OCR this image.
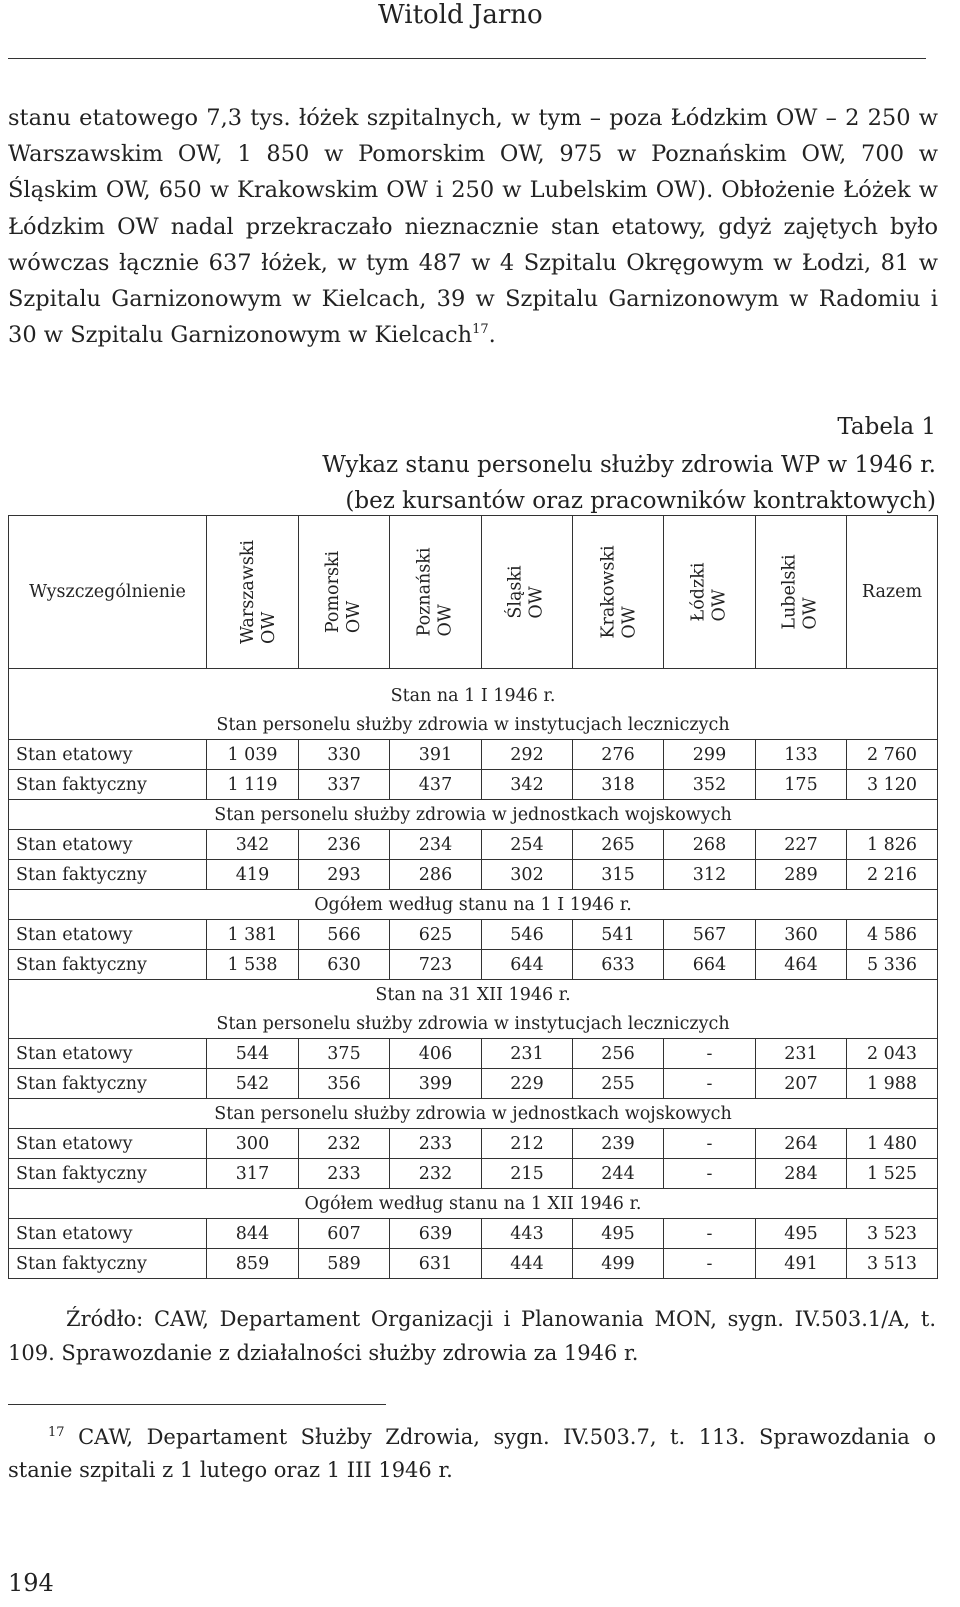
Witold Jarno

stanu etatowego 7,3 tys. łóżek szpitalnych, w tym – poza Łódzkim OW – 2 250 w Warszawskim OW, 1 850 w Pomorskim OW, 975 w Poznańskim OW, 700 w Śląskim OW, 650 w Krakowskim OW i 250 w Lubelskim OW). Obłożenie Łóżek w Łódzkim OW nadal przekraczało nieznacznie stan etatowy, gdyż zajętych było wówczas łącznie 637 łóżek, w tym 487 w 4 Szpitalu Okręgowym w Łodzi, 81 w Szpitalu Garnizonowym w Kielcach, 39 w Szpitalu Garnizonowym w Radomiu i 30 w Szpitalu Garnizonowym w Kielcach$^{17}$.

Tabela 1
Wykaz stanu personelu służby zdrowia WP w 1946 r.
(bez kursantów oraz pracowników kontraktowych)
Wyszczególnienie	Warszawski OW	Pomorski OW	Poznański OW	Śląski OW	Krakowski OW	Łódzki OW	Lubelski OW	Razem

Stan na 1 I 1946 r.								
Stan personelu służby zdrowia w instytucjach leczniczych								
Stan etatowy	1 039	330	391	292	276	299	133	2 760
Stan faktyczny	1 119	337	437	342	318	352	175	3 120
Stan personelu służby zdrowia w jednostkach wojskowych								
Stan etatowy	342	236	234	254	265	268	227	1 826
Stan faktyczny	419	293	286	302	315	312	289	2 216
Ogółem według stanu na 1 I 1946 r.								
Stan etatowy	1 381	566	625	546	541	567	360	4 586
Stan faktyczny	1 538	630	723	644	633	664	464	5 336
Stan na 31 XII 1946 r.								
Stan personelu służby zdrowia w instytucjach leczniczych								
Stan etatowy	544	375	406	231	256	-	231	2 043
Stan faktyczny	542	356	399	229	255	-	207	1 988
Stan personelu służby zdrowia w jednostkach wojskowych								
Stan etatowy	300	232	233	212	239	-	264	1 480
Stan faktyczny	317	233	232	215	244	-	284	1 525
Ogółem według stanu na 1 XII 1946 r.								
Stan etatowy	844	607	639	443	495	-	495	3 523
Stan faktyczny	859	589	631	444	499	-	491	3 513

Źródło: CAW, Departament Organizacji i Planowania MON, sygn. IV.503.1/A, t. 109. Sprawozdanie z działalności służby zdrowia za 1946 r.

$^{17}$ CAW, Departament Służby Zdrowia, sygn. IV.503.7, t. 113. Sprawozdania o stanie szpitali z 1 lutego oraz 1 III 1946 r.

194
